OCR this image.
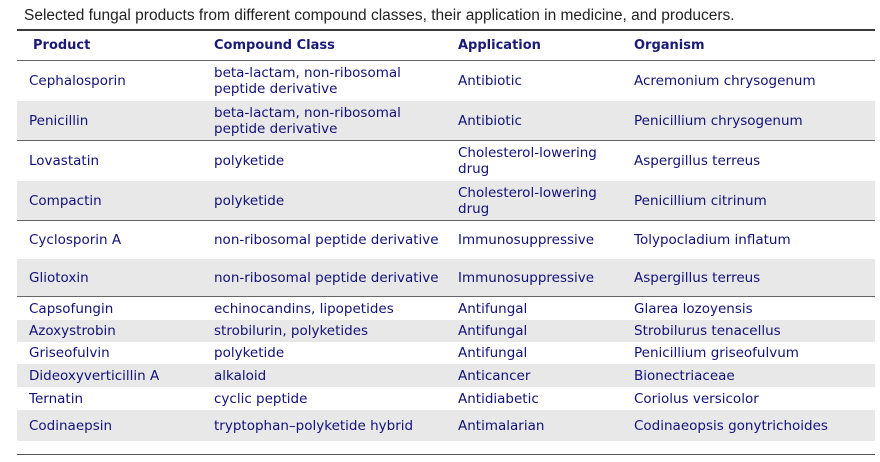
Selected fungal products from different compound classes, their application in medicine, and producers.
Product	Compound Class	Application	Organism
Cephalosporin	beta-lactam, non-ribosomal peptide derivative	Antibiotic	Acremonium chrysogenum
Penicillin	beta-lactam, non-ribosomal peptide derivative	Antibiotic	Penicillium chrysogenum
Lovastatin	polyketide	Cholesterol-lowering drug	Aspergillus terreus
Compactin	polyketide	Cholesterol-lowering drug	Penicillium citrinum
Cyclosporin A	non-ribosomal peptide derivative	Immunosuppressive	Tolypocladium inflatum
Gliotoxin	non-ribosomal peptide derivative	Immunosuppressive	Aspergillus terreus
Capsofungin	echinocandins, lipopetides	Antifungal	Glarea lozoyensis
Azoxystrobin	strobilurin, polyketides	Antifungal	Strobilurus tenacellus
Griseofulvin	polyketide	Antifungal	Penicillium griseofulvum
Dideoxyverticillin A	alkaloid	Anticancer	Bionectriaceae
Ternatin	cyclic peptide	Antidiabetic	Coriolus versicolor
Codinaepsin	tryptophan–polyketide hybrid	Antimalarian	Codinaeopsis gonytrichoides
